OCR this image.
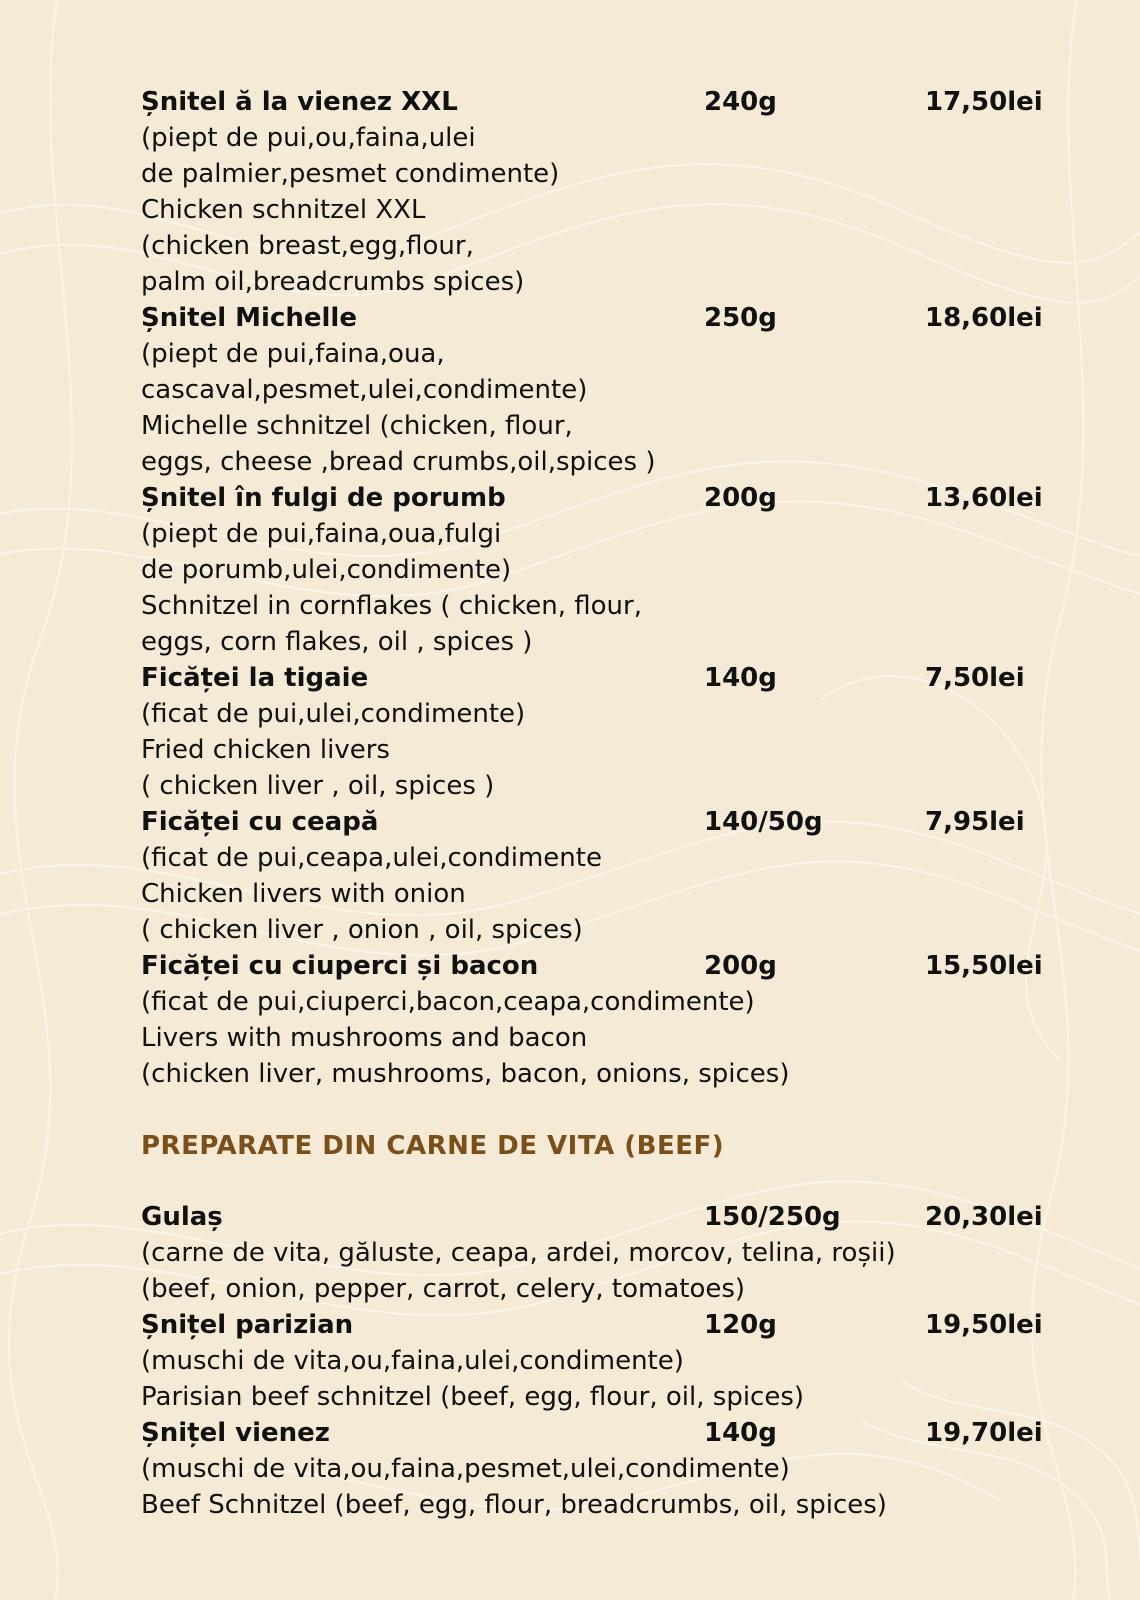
Șnitel ă la vienez XXL	240g	17,50lei
(piept de pui,ou,faina,ulei
de palmier,pesmet condimente)
Chicken schnitzel XXL
(chicken breast,egg,flour,
palm oil,breadcrumbs spices)
Șnitel Michelle	250g	18,60lei
(piept de pui,faina,oua,
cascaval,pesmet,ulei,condimente)
Michelle schnitzel (chicken, flour,
eggs, cheese ,bread crumbs,oil,spices )
Șnitel în fulgi de porumb	200g	13,60lei
(piept de pui,faina,oua,fulgi
de porumb,ulei,condimente)
Schnitzel in cornflakes ( chicken, flour,
eggs, corn flakes, oil , spices )
Ficăței la tigaie	140g	7,50lei
(ficat de pui,ulei,condimente)
Fried chicken livers
( chicken liver , oil, spices )
Ficăței cu ceapă	140/50g	7,95lei
(ficat de pui,ceapa,ulei,condimente
Chicken livers with onion
( chicken liver , onion , oil, spices)
Ficăței cu ciuperci și bacon	200g	15,50lei
(ficat de pui,ciuperci,bacon,ceapa,condimente)
Livers with mushrooms and bacon
(chicken liver, mushrooms, bacon, onions, spices)
PREPARATE DIN CARNE DE VITA (BEEF)
Gulaș	150/250g	20,30lei
(carne de vita, găluste, ceapa, ardei, morcov, telina, roșii)
(beef, onion, pepper, carrot, celery, tomatoes)
Șnițel parizian	120g	19,50lei
(muschi de vita,ou,faina,ulei,condimente)
Parisian beef schnitzel (beef, egg, flour, oil, spices)
Șnițel vienez	140g	19,70lei
(muschi de vita,ou,faina,pesmet,ulei,condimente)
Beef Schnitzel (beef, egg, flour, breadcrumbs, oil, spices)
